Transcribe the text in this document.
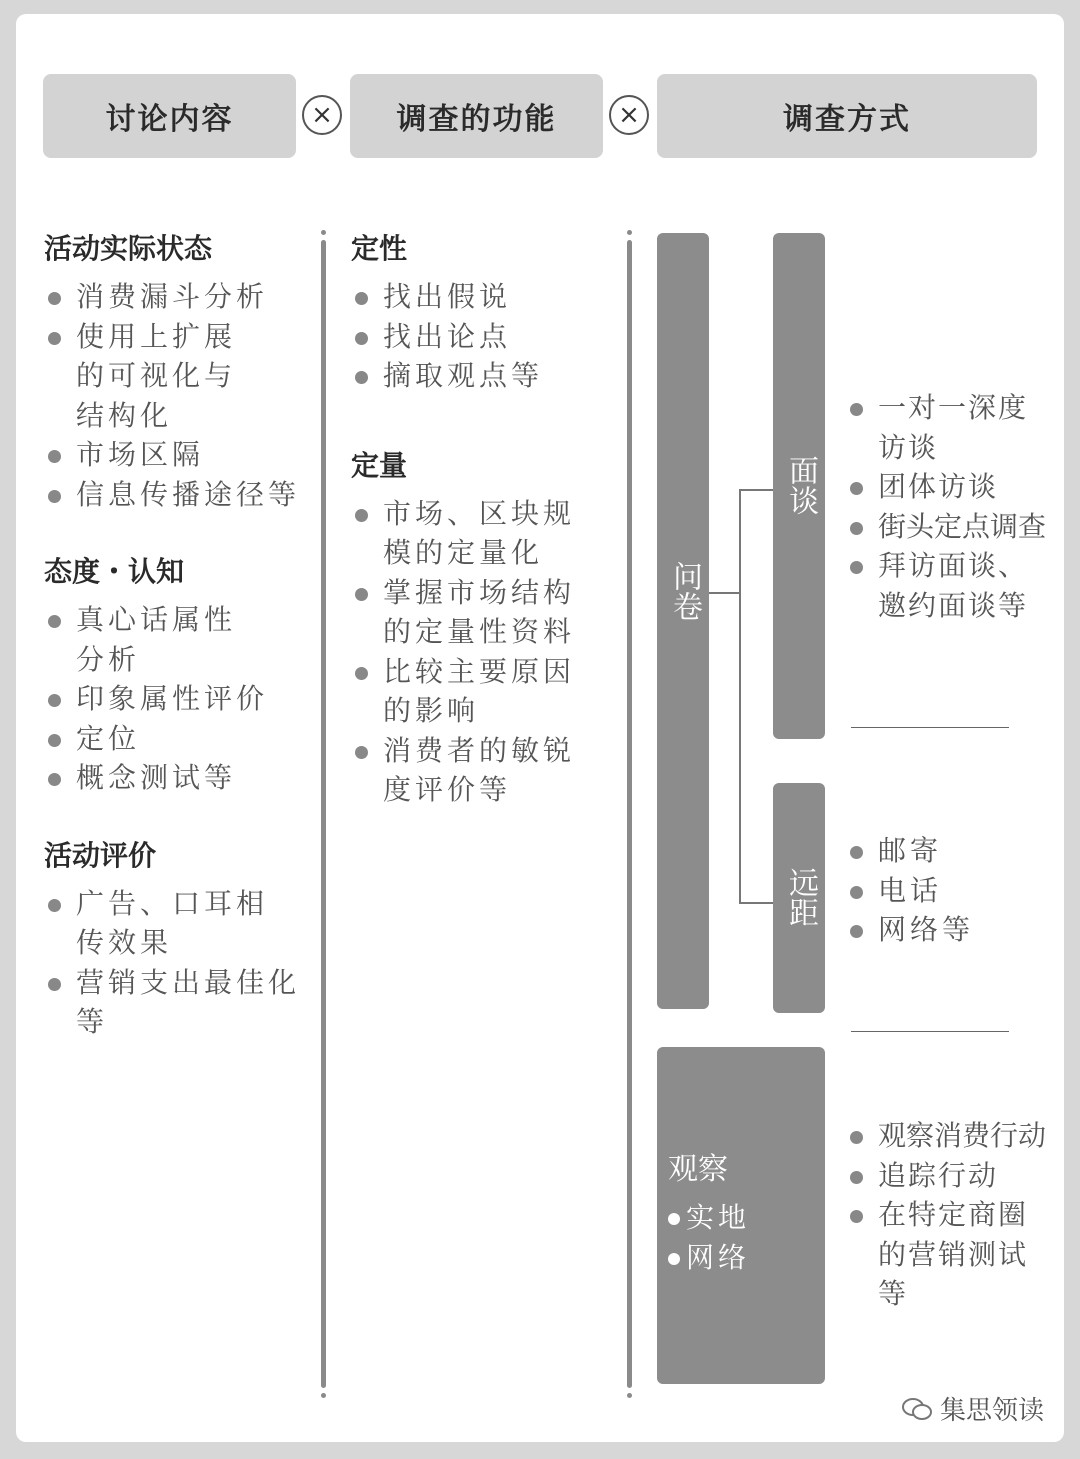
讨论内容	×	调查的功能	×	调查方式
活动实际状态
消费漏斗分析
使用上扩展的可视化与结构化
市场区隔
信息传播途径等
态度・认知
真心话属性分析
印象属性评价
定位
概念测试等
活动评价
广告、口耳相传效果
营销支出最佳化等
定性
找出假说
找出论点
摘取观点等
定量
市场、区块规模的定量化
掌握市场结构的定量性资料
比较主要原因的影响
消费者的敏锐度评价等
问卷
面谈
远距
观察
实地
网络
一对一深度访谈
团体访谈
街头定点调查
拜访面谈、邀约面谈等
邮寄
电话
网络等
观察消费行动
追踪行动
在特定商圈的营销测试等
集思领读
